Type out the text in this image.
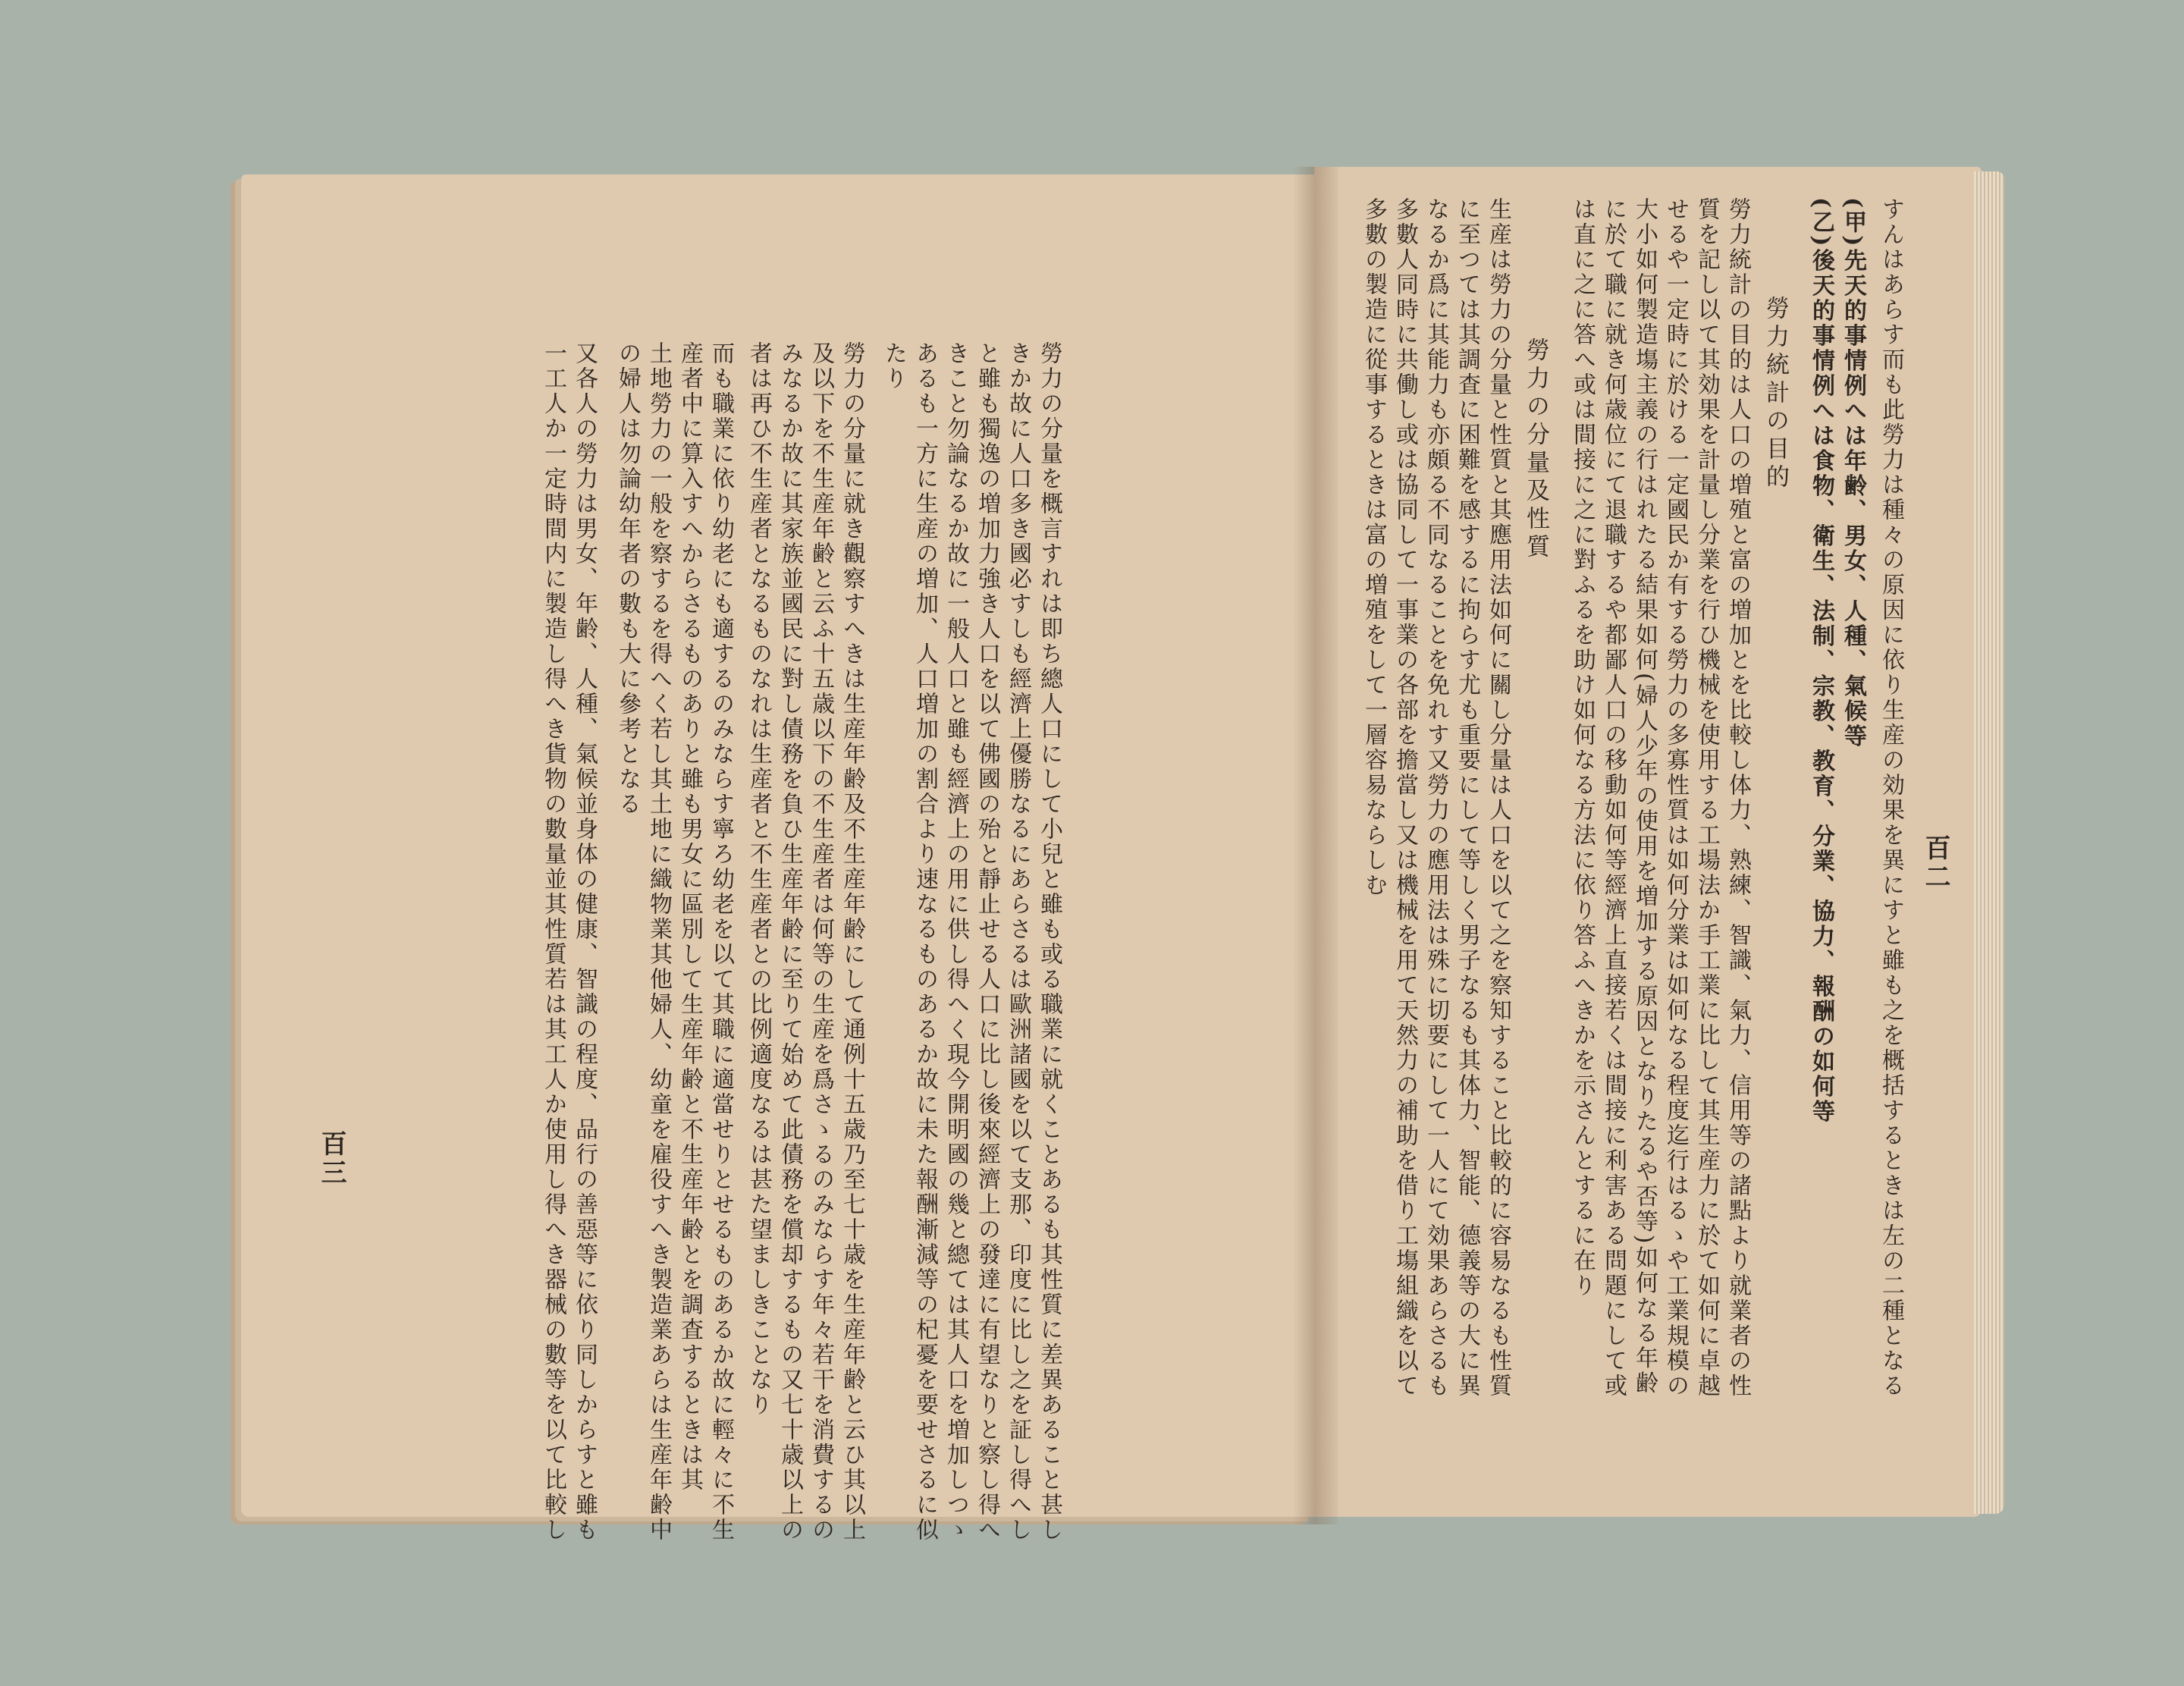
百二
すんはあらす而も此勞力は種々の原因に依り生産の効果を異にすと雖も之を概括するときは左の二種となる
(甲)先天的事情例へは年齢、男女、人種、氣候等
(乙)後天的事情例へは食物、衛生、法制、宗教、教育、分業、協力、報酬の如何等
勞力統計の目的
勞力統計の目的は人口の増殖と富の増加とを比較し体力、熟練、智識、氣力、信用等の諸點より就業者の性
質を記し以て其効果を計量し分業を行ひ機械を使用する工場法か手工業に比して其生産力に於て如何に卓越
せるや一定時に於ける一定國民か有する勞力の多寡性質は如何分業は如何なる程度迄行はるゝや工業規模の
大小如何製造塲主義の行はれたる結果如何(婦人少年の使用を増加する原因となりたるや否等)如何なる年齢
に於て職に就き何歳位にて退職するや都鄙人口の移動如何等經濟上直接若くは間接に利害ある問題にして或
は直に之に答へ或は間接に之に對ふるを助け如何なる方法に依り答ふへきかを示さんとするに在り
勞力の分量及性質
生産は勞力の分量と性質と其應用法如何に關し分量は人口を以て之を察知すること比較的に容易なるも性質
に至つては其調査に困難を感するに拘らす尤も重要にして等しく男子なるも其体力、智能、德義等の大に異
なるか爲に其能力も亦頗る不同なることを免れす又勞力の應用法は殊に切要にして一人にて効果あらさるも
多數人同時に共働し或は協同して一事業の各部を擔當し又は機械を用て天然力の補助を借り工塲組織を以て
多數の製造に從事するときは富の増殖をして一層容易ならしむ
百三	勞力の分量を概言すれは即ち總人口にして小兒と雖も或る職業に就くことあるも其性質に差異あること甚し
きか故に人口多き國必すしも經濟上優勝なるにあらさるは歐洲諸國を以て支那、印度に比し之を証し得へし
と雖も獨逸の増加力強き人口を以て佛國の殆と靜止せる人口に比し後來經濟上の發達に有望なりと察し得へ
きこと勿論なるか故に一般人口と雖も經濟上の用に供し得へく現今開明國の幾と總ては其人口を増加しつゝ
あるも一方に生産の増加、人口増加の割合より速なるものあるか故に未た報酬漸減等の杞憂を要せさるに似
たり
勞力の分量に就き觀察すへきは生産年齢及不生産年齢にして通例十五歳乃至七十歳を生産年齢と云ひ其以上
及以下を不生産年齢と云ふ十五歳以下の不生産者は何等の生産を爲さゝるのみならす年々若干を消費するの
みなるか故に其家族並國民に對し債務を負ひ生産年齢に至りて始めて此債務を償却するもの又七十歳以上の
者は再ひ不生産者となるものなれは生産者と不生産者との比例適度なるは甚た望ましきことなり
而も職業に依り幼老にも適するのみならす寧ろ幼老を以て其職に適當せりとせるものあるか故に輕々に不生
産者中に算入すへからさるものありと雖も男女に區別して生産年齢と不生産年齢とを調査するときは其
土地勞力の一般を察するを得へく若し其土地に織物業其他婦人、幼童を雇役すへき製造業あらは生産年齢中
の婦人は勿論幼年者の數も大に參考となる
又各人の勞力は男女、年齢、人種、氣候並身体の健康、智識の程度、品行の善惡等に依り同しからすと雖も
一工人か一定時間内に製造し得へき貨物の數量並其性質若は其工人か使用し得へき器械の數等を以て比較し
